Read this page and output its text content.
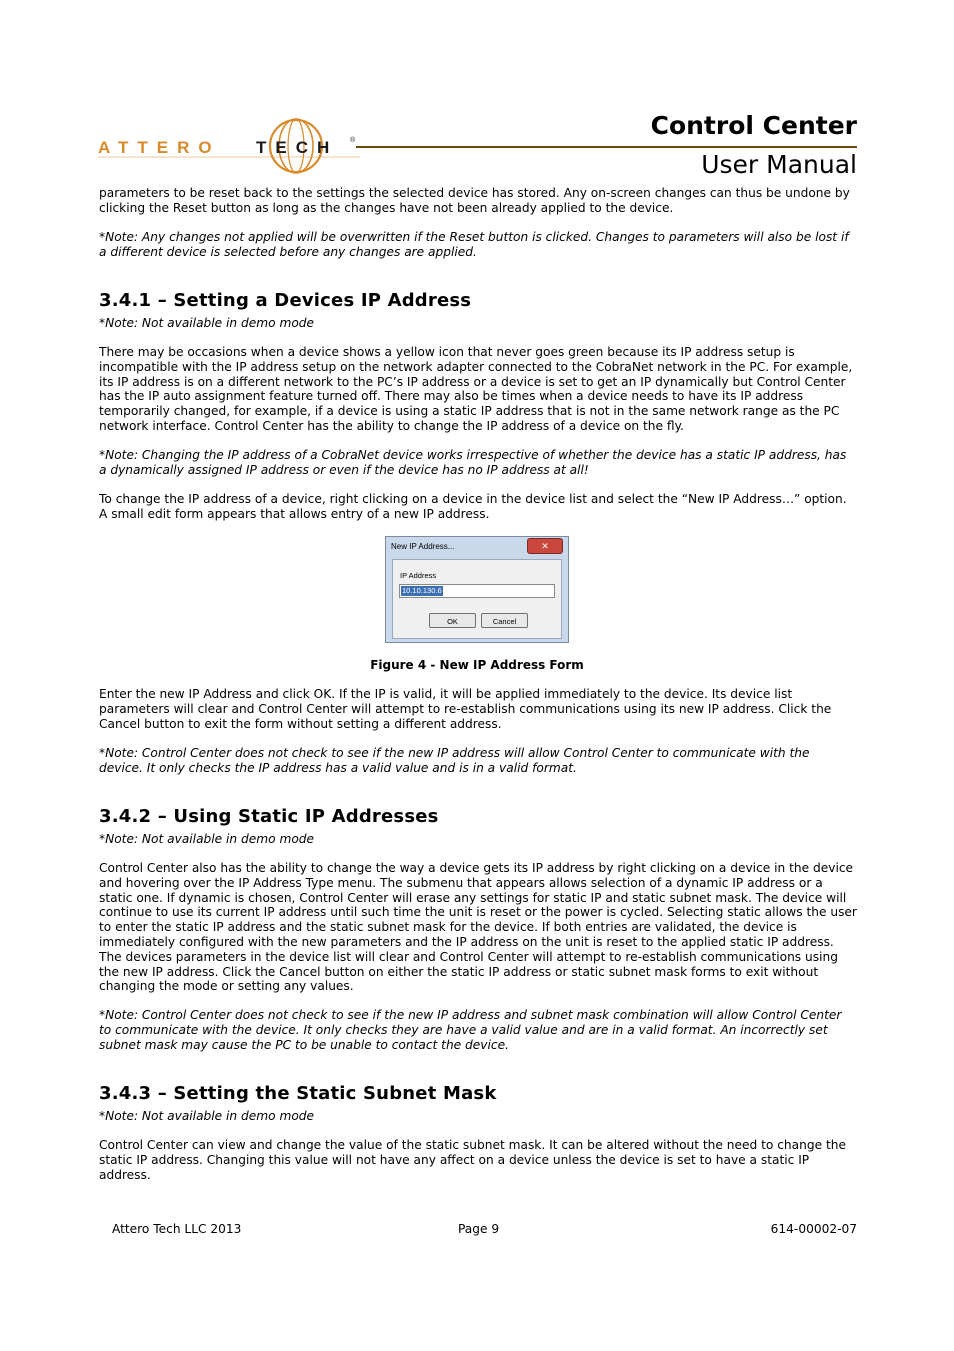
ATTERO TECH ®
Control Center
User Manual
parameters to be reset back to the settings the selected device has stored. Any on-screen changes can thus be undone by clicking the Reset button as long as the changes have not been already applied to the device.
*Note: Any changes not applied will be overwritten if the Reset button is clicked. Changes to parameters will also be lost if a different device is selected before any changes are applied.
3.4.1 – Setting a Devices IP Address
*Note: Not available in demo mode
There may be occasions when a device shows a yellow icon that never goes green because its IP address setup is incompatible with the IP address setup on the network adapter connected to the CobraNet network in the PC. For example, its IP address is on a different network to the PC’s IP address or a device is set to get an IP dynamically but Control Center has the IP auto assignment feature turned off. There may also be times when a device needs to have its IP address temporarily changed, for example, if a device is using a static IP address that is not in the same network range as the PC network interface. Control Center has the ability to change the IP address of a device on the fly.
*Note: Changing the IP address of a CobraNet device works irrespective of whether the device has a static IP address, has a dynamically assigned IP address or even if the device has no IP address at all!
To change the IP address of a device, right clicking on a device in the device list and select the “New IP Address…” option. A small edit form appears that allows entry of a new IP address.
New IP Address...	✕
IP Address
10.10.130.6
OK	Cancel
Figure 4 - New IP Address Form
Enter the new IP Address and click OK. If the IP is valid, it will be applied immediately to the device. Its device list parameters will clear and Control Center will attempt to re-establish communications using its new IP address. Click the Cancel button to exit the form without setting a different address.
*Note: Control Center does not check to see if the new IP address will allow Control Center to communicate with the device. It only checks the IP address has a valid value and is in a valid format.
3.4.2 – Using Static IP Addresses
*Note: Not available in demo mode
Control Center also has the ability to change the way a device gets its IP address by right clicking on a device in the device and hovering over the IP Address Type menu. The submenu that appears allows selection of a dynamic IP address or a static one. If dynamic is chosen, Control Center will erase any settings for static IP and static subnet mask. The device will continue to use its current IP address until such time the unit is reset or the power is cycled. Selecting static allows the user to enter the static IP address and the static subnet mask for the device. If both entries are validated, the device is immediately configured with the new parameters and the IP address on the unit is reset to the applied static IP address. The devices parameters in the device list will clear and Control Center will attempt to re-establish communications using the new IP address. Click the Cancel button on either the static IP address or static subnet mask forms to exit without changing the mode or setting any values.
*Note: Control Center does not check to see if the new IP address and subnet mask combination will allow Control Center to communicate with the device. It only checks they are have a valid value and are in a valid format. An incorrectly set subnet mask may cause the PC to be unable to contact the device.
3.4.3 – Setting the Static Subnet Mask
*Note: Not available in demo mode
Control Center can view and change the value of the static subnet mask. It can be altered without the need to change the static IP address. Changing this value will not have any affect on a device unless the device is set to have a static IP address.
Attero Tech LLC 2013	Page 9	614-00002-07
